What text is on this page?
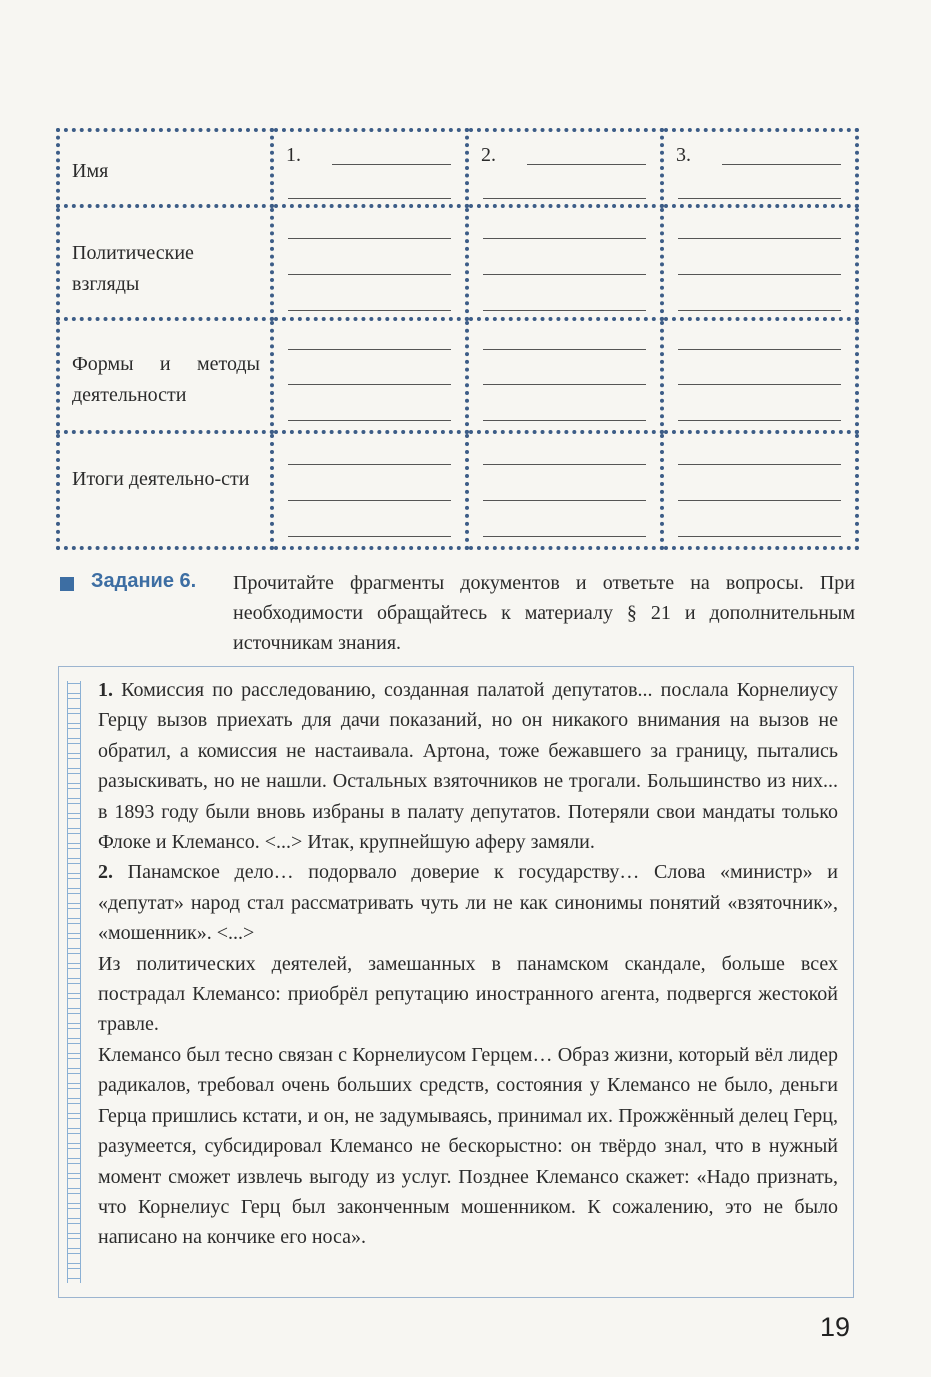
Имя	1.	2.	3.

Политические взгляды	

Формы и методы деятельности	

Итоги деятельно-сти	

Задание 6. Прочитайте фрагменты документов и ответьте на вопросы. При необходимости обращайтесь к материалу § 21 и дополнительным источникам знания.

1. Комиссия по расследованию, созданная палатой депутатов... послала Корнелиусу Герцу вызов приехать для дачи показаний, но он никакого внимания на вызов не обратил, а комиссия не настаивала. Артона, тоже бежавшего за границу, пытались разыскивать, но не нашли. Остальных взяточников не трогали. Большинство из них... в 1893 году были вновь избраны в палату депутатов. Потеряли свои мандаты только Флоке и Клемансо. <...> Итак, крупнейшую аферу замяли.

2. Панамское дело… подорвало доверие к государству… Слова «министр» и «депутат» народ стал рассматривать чуть ли не как синонимы понятий «взяточник», «мошенник». <...>

Из политических деятелей, замешанных в панамском скандале, больше всех пострадал Клемансо: приобрёл репутацию иностранного агента, подвергся жестокой травле.

Клемансо был тесно связан с Корнелиусом Герцем… Образ жизни, который вёл лидер радикалов, требовал очень больших средств, состояния у Клемансо не было, деньги Герца пришлись кстати, и он, не задумываясь, принимал их. Прожжённый делец Герц, разумеется, субсидировал Клемансо не бескорыстно: он твёрдо знал, что в нужный момент сможет извлечь выгоду из услуг. Позднее Клемансо скажет: «Надо признать, что Корнелиус Герц был законченным мошенником. К сожалению, это не было написано на кончике его носа».

19
